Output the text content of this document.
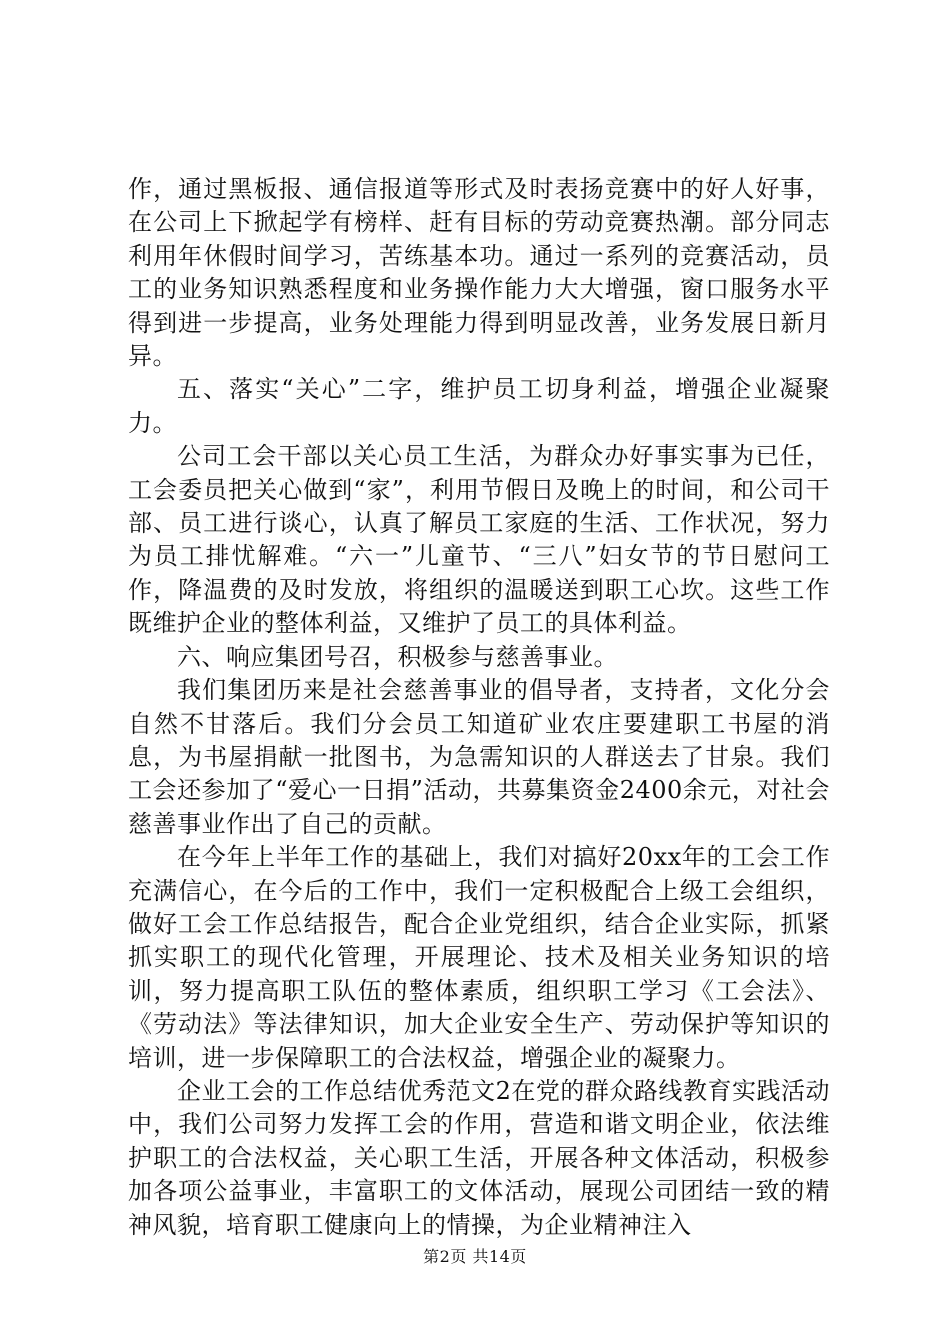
作，通过黑板报、通信报道等形式及时表扬竞赛中的好人好事，在公司上下掀起学有榜样、赶有目标的劳动竞赛热潮。部分同志利用年休假时间学习，苦练基本功。通过一系列的竞赛活动，员工的业务知识熟悉程度和业务操作能力大大增强，窗口服务水平得到进一步提高，业务处理能力得到明显改善，业务发展日新月异。

五、落实“关心”二字，维护员工切身利益，增强企业凝聚力。

公司工会干部以关心员工生活，为群众办好事实事为已任，工会委员把关心做到“家”，利用节假日及晚上的时间，和公司干部、员工进行谈心，认真了解员工家庭的生活、工作状况，努力为员工排忧解难。“六一”儿童节、“三八”妇女节的节日慰问工作，降温费的及时发放，将组织的温暖送到职工心坎。这些工作既维护企业的整体利益，又维护了员工的具体利益。

六、响应集团号召，积极参与慈善事业。

我们集团历来是社会慈善事业的倡导者，支持者，文化分会自然不甘落后。我们分会员工知道矿业农庄要建职工书屋的消息，为书屋捐献一批图书，为急需知识的人群送去了甘泉。我们工会还参加了“爱心一日捐”活动，共募集资金2400余元，对社会慈善事业作出了自己的贡献。

在今年上半年工作的基础上，我们对搞好20xx年的工会工作充满信心，在今后的工作中，我们一定积极配合上级工会组织，做好工会工作总结报告，配合企业党组织，结合企业实际，抓紧抓实职工的现代化管理，开展理论、技术及相关业务知识的培训，努力提高职工队伍的整体素质，组织职工学习《工会法》、《劳动法》等法律知识，加大企业安全生产、劳动保护等知识的培训，进一步保障职工的合法权益，增强企业的凝聚力。

企业工会的工作总结优秀范文2在党的群众路线教育实践活动中，我们公司努力发挥工会的作用，营造和谐文明企业，依法维护职工的合法权益，关心职工生活，开展各种文体活动，积极参加各项公益事业，丰富职工的文体活动，展现公司团结一致的精神风貌，培育职工健康向上的情操，为企业精神注入

第2页 共14页
